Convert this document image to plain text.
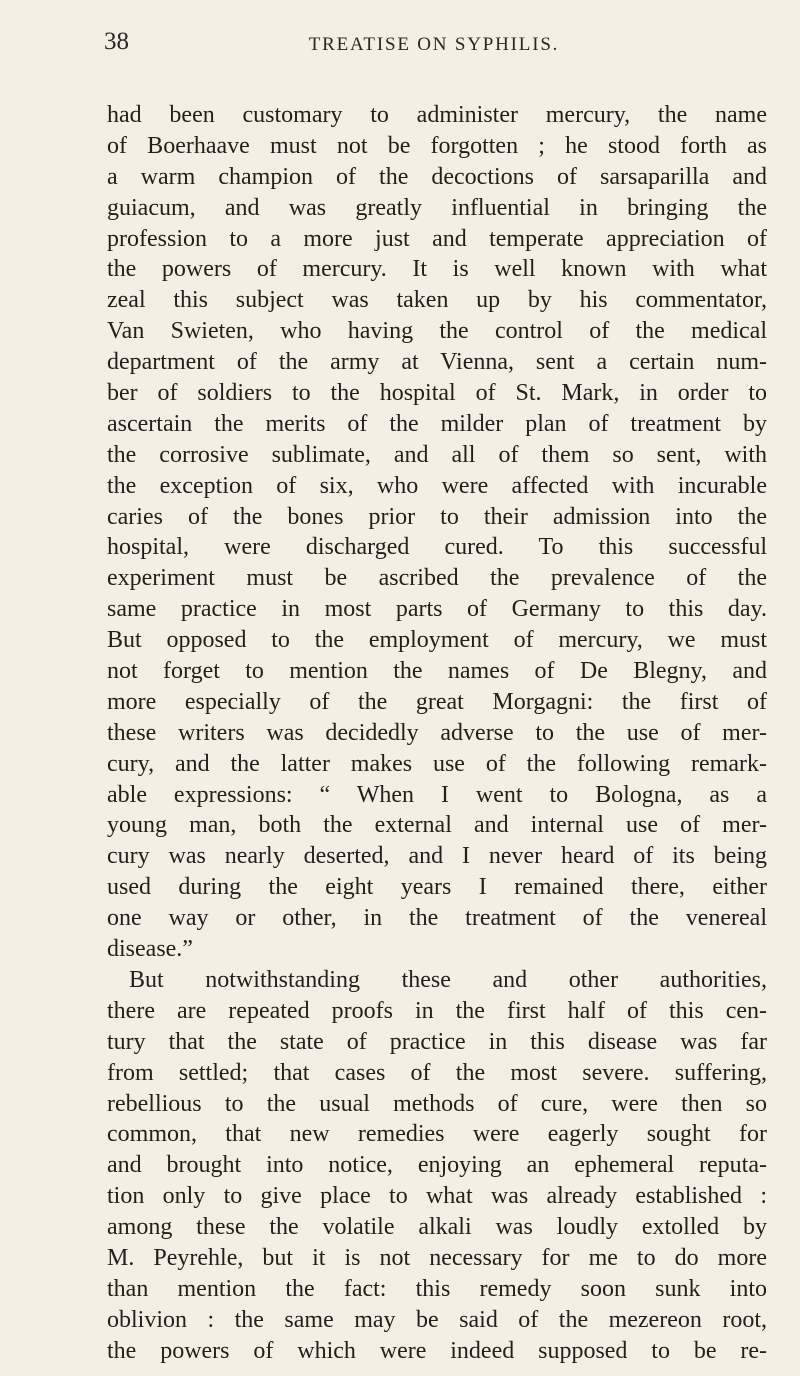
38	TREATISE ON SYPHILIS.
had been customary to administer mercury, the name
of Boerhaave must not be forgotten ; he stood forth as
a warm champion of the decoctions of sarsaparilla and
guiacum, and was greatly influential in bringing the
profession to a more just and temperate appreciation of
the powers of mercury. It is well known with what
zeal this subject was taken up by his commentator,
Van Swieten, who having the control of the medical
department of the army at Vienna, sent a certain num-
ber of soldiers to the hospital of St. Mark, in order to
ascertain the merits of the milder plan of treatment by
the corrosive sublimate, and all of them so sent, with
the exception of six, who were affected with incurable
caries of the bones prior to their admission into the
hospital, were discharged cured. To this successful
experiment must be ascribed the prevalence of the
same practice in most parts of Germany to this day.
But opposed to the employment of mercury, we must
not forget to mention the names of De Blegny, and
more especially of the great Morgagni: the first of
these writers was decidedly adverse to the use of mer-
cury, and the latter makes use of the following remark-
able expressions: “ When I went to Bologna, as a
young man, both the external and internal use of mer-
cury was nearly deserted, and I never heard of its being
used during the eight years I remained there, either
one way or other, in the treatment of the venereal
disease.”
But notwithstanding these and other authorities,
there are repeated proofs in the first half of this cen-
tury that the state of practice in this disease was far
from settled; that cases of the most severe. suffering,
rebellious to the usual methods of cure, were then so
common, that new remedies were eagerly sought for
and brought into notice, enjoying an ephemeral reputa-
tion only to give place to what was already established :
among these the volatile alkali was loudly extolled by
M. Peyrehle, but it is not necessary for me to do more
than mention the fact: this remedy soon sunk into
oblivion : the same may be said of the mezereon root,
the powers of which were indeed supposed to be re-
